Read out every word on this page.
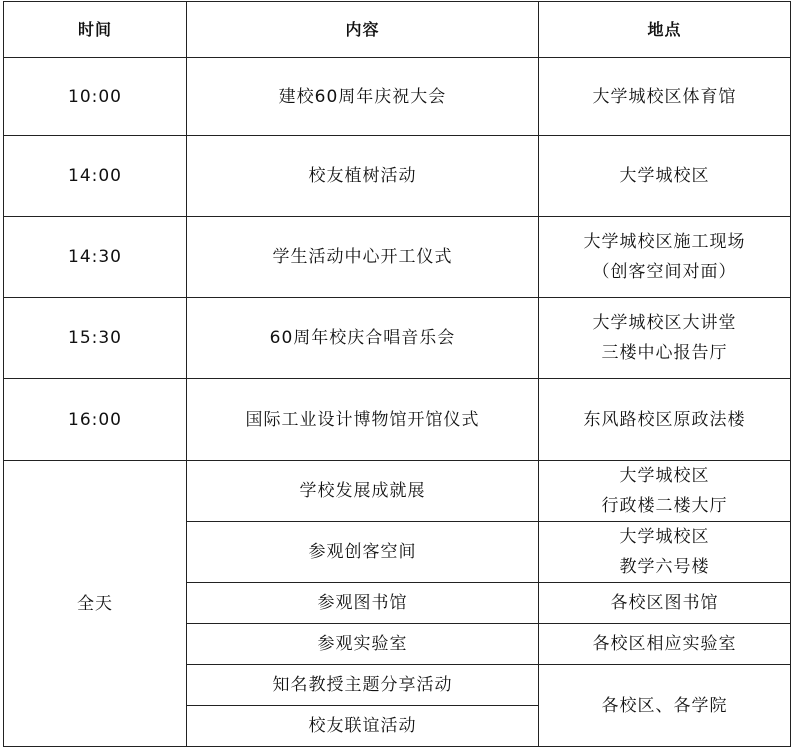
时间	内容	地点
10:00	建校60周年庆祝大会	大学城校区体育馆

14:00	校友植树活动	大学城校区

14:30	学生活动中心开工仪式	大学城校区施工现场
（创客空间对面）

15:30	60周年校庆合唱音乐会	大学城校区大讲堂
三楼中心报告厅

16:00	国际工业设计博物馆开馆仪式	东风路校区原政法楼

全天	学校发展成就展	大学城校区
行政楼二楼大厅

	参观创客空间	大学城校区
教学六号楼

	参观图书馆	各校区图书馆

	参观实验室	各校区相应实验室

	知名教授主题分享活动	各校区、各学院

	校友联谊活动	
